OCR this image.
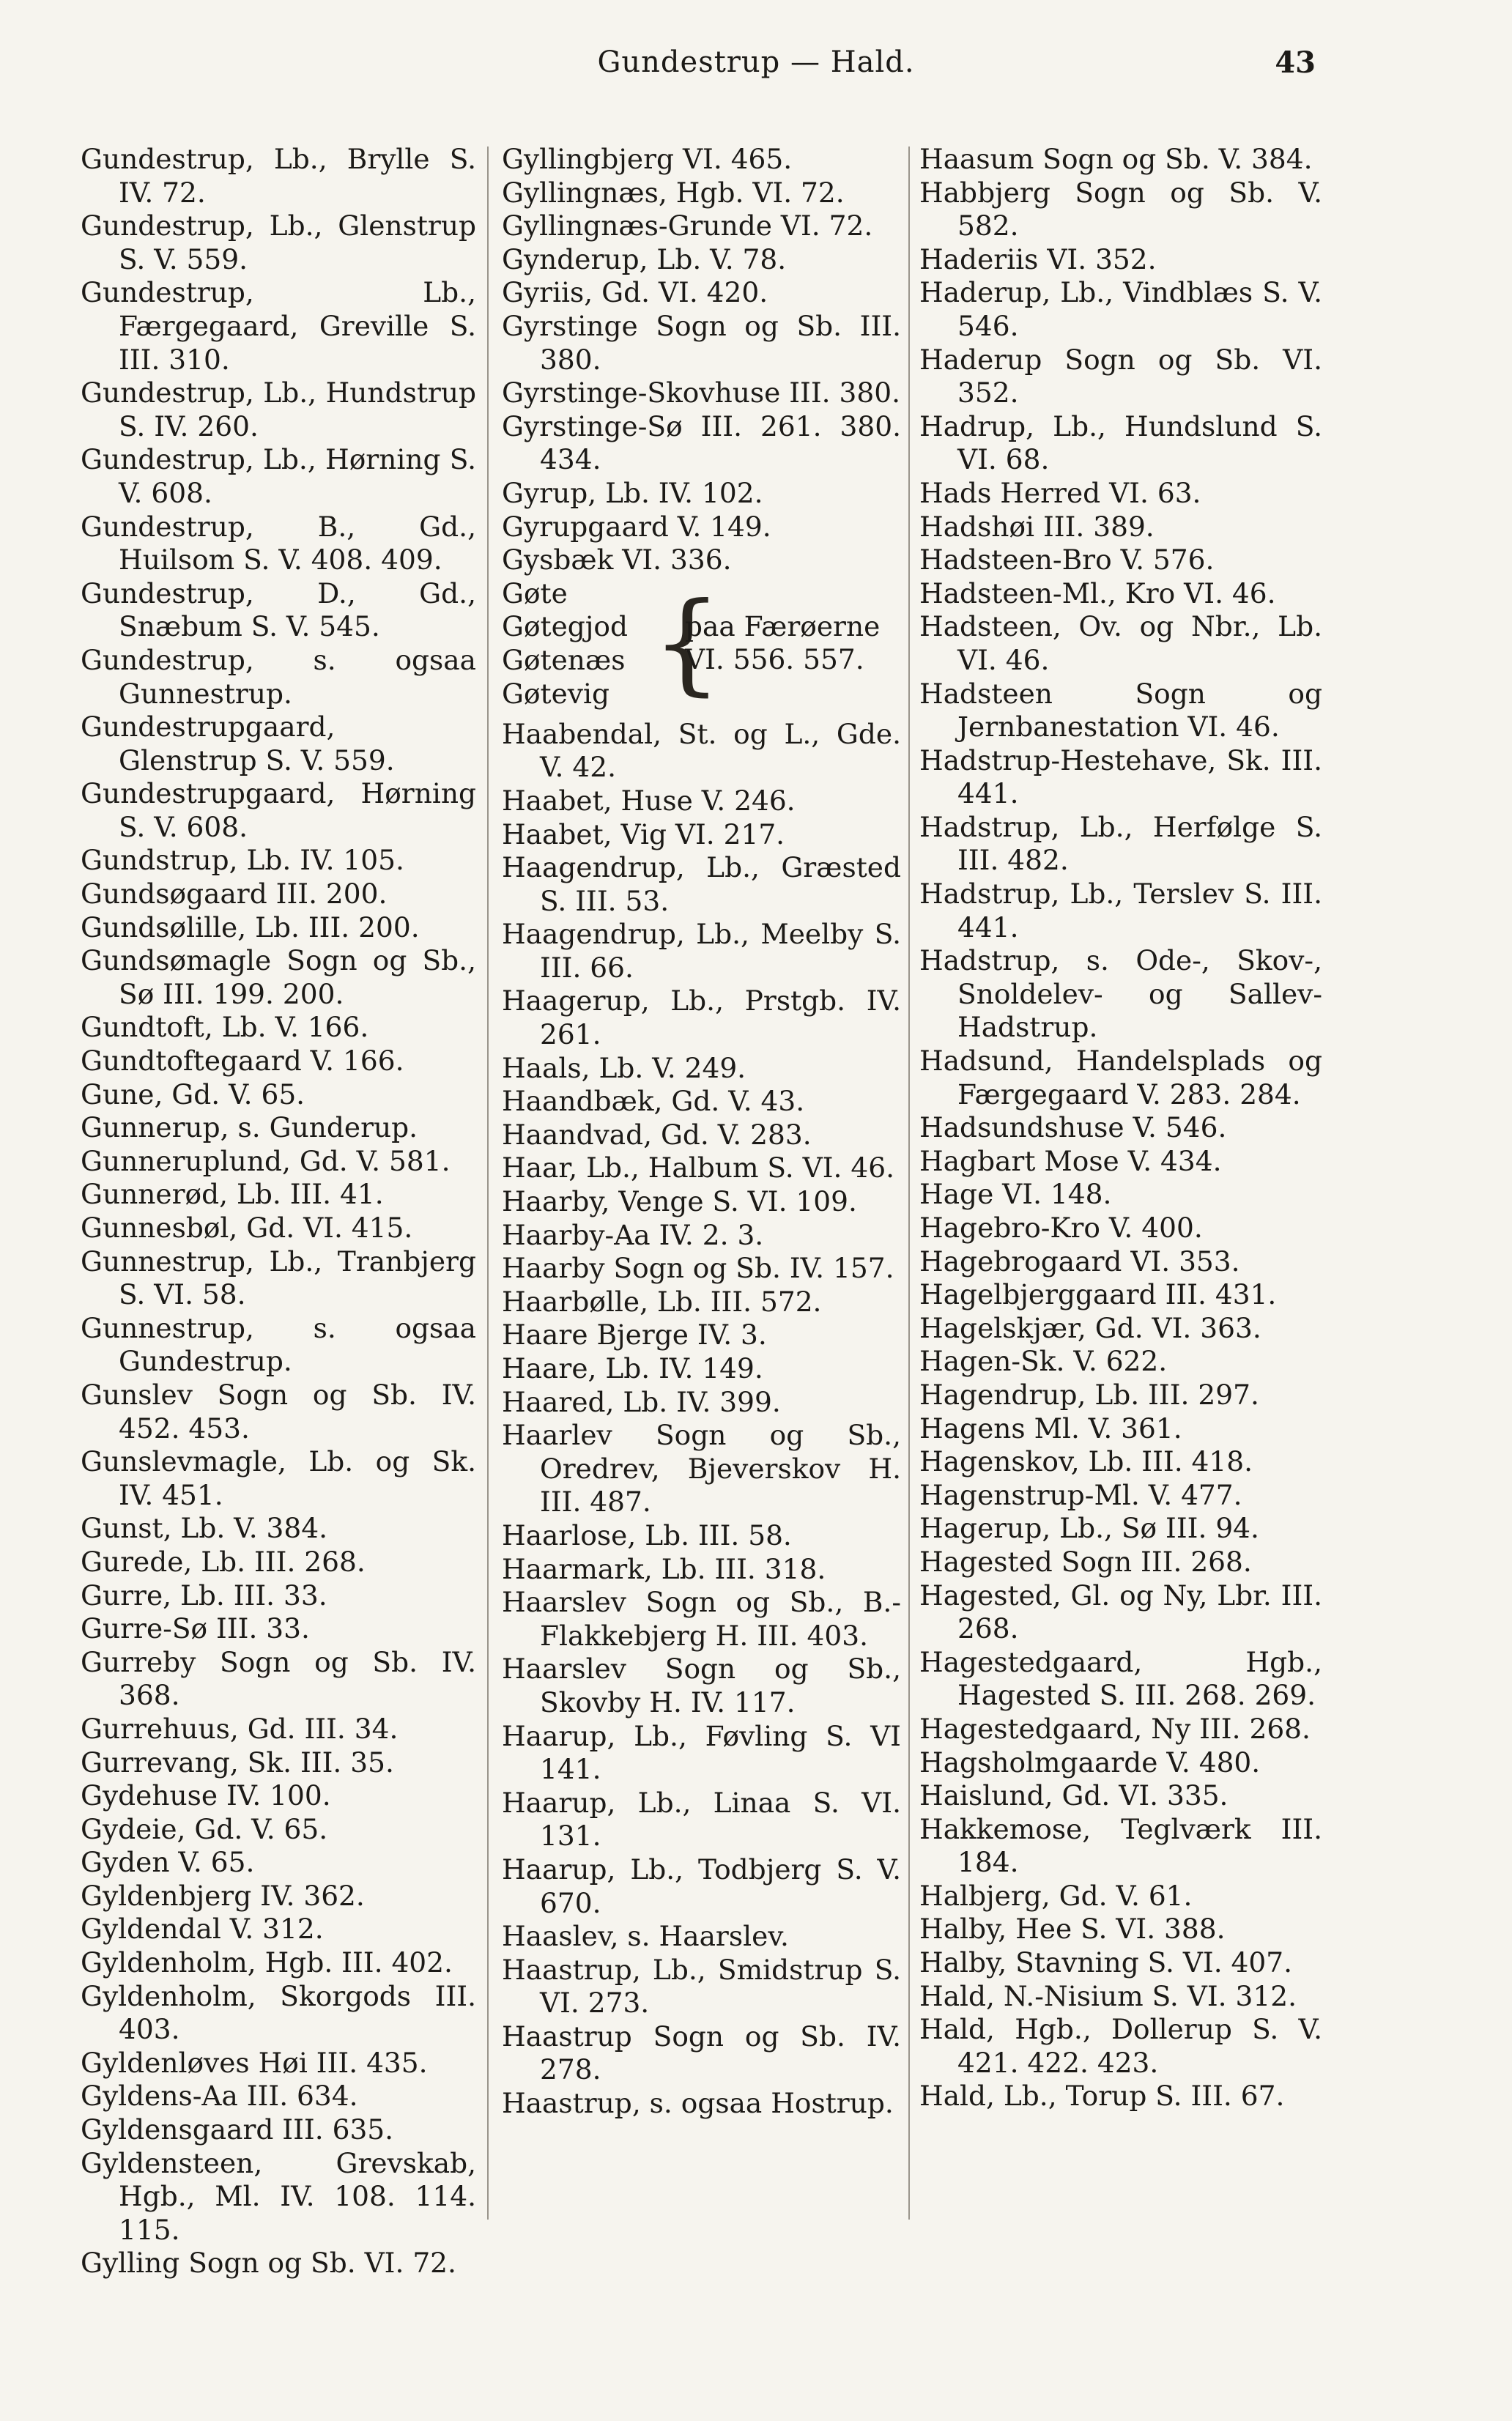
Gundestrup — Hald.	43

Gundestrup, Lb., Brylle S. IV. 72.

Gundestrup, Lb., Glenstrup S. V. 559.

Gundestrup, Lb., Færgegaard, Greville S. III. 310.

Gundestrup, Lb., Hundstrup S. IV. 260.

Gundestrup, Lb., Hørning S. V. 608.

Gundestrup, B., Gd., Huilsom S. V. 408. 409.

Gundestrup, D., Gd., Snæbum S. V. 545.

Gundestrup, s. ogsaa Gunnestrup.

Gundestrupgaard, Glenstrup S. V. 559.

Gundestrupgaard, Hørning S. V. 608.

Gundstrup, Lb. IV. 105.

Gundsøgaard III. 200.

Gundsølille, Lb. III. 200.

Gundsømagle Sogn og Sb., Sø III. 199. 200.

Gundtoft, Lb. V. 166.

Gundtoftegaard V. 166.

Gune, Gd. V. 65.

Gunnerup, s. Gunderup.

Gunneruplund, Gd. V. 581.

Gunnerød, Lb. III. 41.

Gunnesbøl, Gd. VI. 415.

Gunnestrup, Lb., Tranbjerg S. VI. 58.

Gunnestrup, s. ogsaa Gundestrup.

Gunslev Sogn og Sb. IV. 452. 453.

Gunslevmagle, Lb. og Sk. IV. 451.

Gunst, Lb. V. 384.

Gurede, Lb. III. 268.

Gurre, Lb. III. 33.

Gurre-Sø III. 33.

Gurreby Sogn og Sb. IV. 368.

Gurrehuus, Gd. III. 34.

Gurrevang, Sk. III. 35.

Gydehuse IV. 100.

Gydeie, Gd. V. 65.

Gyden V. 65.

Gyldenbjerg IV. 362.

Gyldendal V. 312.

Gyldenholm, Hgb. III. 402.

Gyldenholm, Skorgods III. 403.

Gyldenløves Høi III. 435.

Gyldens-Aa III. 634.

Gyldensgaard III. 635.

Gyldensteen, Grevskab, Hgb., Ml. IV. 108. 114. 115.

Gylling Sogn og Sb. VI. 72.

Gyllingbjerg VI. 465.

Gyllingnæs, Hgb. VI. 72.

Gyllingnæs-Grunde VI. 72.

Gynderup, Lb. V. 78.

Gyriis, Gd. VI. 420.

Gyrstinge Sogn og Sb. III. 380.

Gyrstinge-Skovhuse III. 380.

Gyrstinge-Sø III. 261. 380. 434.

Gyrup, Lb. IV. 102.

Gyrupgaard V. 149.

Gysbæk VI. 336.

Gøte
Gøtegjod
Gøtenæs
Gøtevig {
paa Færøerne VI. 556. 557.

Haabendal, St. og L., Gde. V. 42.

Haabet, Huse V. 246.

Haabet, Vig VI. 217.

Haagendrup, Lb., Græsted S. III. 53.

Haagendrup, Lb., Meelby S. III. 66.

Haagerup, Lb., Prstgb. IV. 261.

Haals, Lb. V. 249.

Haandbæk, Gd. V. 43.

Haandvad, Gd. V. 283.

Haar, Lb., Halbum S. VI. 46.

Haarby, Venge S. VI. 109.

Haarby-Aa IV. 2. 3.

Haarby Sogn og Sb. IV. 157.

Haarbølle, Lb. III. 572.

Haare Bjerge IV. 3.

Haare, Lb. IV. 149.

Haared, Lb. IV. 399.

Haarlev Sogn og Sb., Oredrev, Bjeverskov H. III. 487.

Haarlose, Lb. III. 58.

Haarmark, Lb. III. 318.

Haarslev Sogn og Sb., B.-Flakkebjerg H. III. 403.

Haarslev Sogn og Sb., Skovby H. IV. 117.

Haarup, Lb., Føvling S. VI 141.

Haarup, Lb., Linaa S. VI. 131.

Haarup, Lb., Todbjerg S. V. 670.

Haaslev, s. Haarslev.

Haastrup, Lb., Smidstrup S. VI. 273.

Haastrup Sogn og Sb. IV. 278.

Haastrup, s. ogsaa Hostrup.

Haasum Sogn og Sb. V. 384.

Habbjerg Sogn og Sb. V. 582.

Haderiis VI. 352.

Haderup, Lb., Vindblæs S. V. 546.

Haderup Sogn og Sb. VI. 352.

Hadrup, Lb., Hundslund S. VI. 68.

Hads Herred VI. 63.

Hadshøi III. 389.

Hadsteen-Bro V. 576.

Hadsteen-Ml., Kro VI. 46.

Hadsteen, Ov. og Nbr., Lb. VI. 46.

Hadsteen Sogn og Jernbanestation VI. 46.

Hadstrup-Hestehave, Sk. III. 441.

Hadstrup, Lb., Herfølge S. III. 482.

Hadstrup, Lb., Terslev S. III. 441.

Hadstrup, s. Ode-, Skov-, Snoldelev- og Sallev-Hadstrup.

Hadsund, Handelsplads og Færgegaard V. 283. 284.

Hadsundshuse V. 546.

Hagbart Mose V. 434.

Hage VI. 148.

Hagebro-Kro V. 400.

Hagebrogaard VI. 353.

Hagelbjerggaard III. 431.

Hagelskjær, Gd. VI. 363.

Hagen-Sk. V. 622.

Hagendrup, Lb. III. 297.

Hagens Ml. V. 361.

Hagenskov, Lb. III. 418.

Hagenstrup-Ml. V. 477.

Hagerup, Lb., Sø III. 94.

Hagested Sogn III. 268.

Hagested, Gl. og Ny, Lbr. III. 268.

Hagestedgaard, Hgb., Hagested S. III. 268. 269.

Hagestedgaard, Ny III. 268.

Hagsholmgaarde V. 480.

Haislund, Gd. VI. 335.

Hakkemose, Teglværk III. 184.

Halbjerg, Gd. V. 61.

Halby, Hee S. VI. 388.

Halby, Stavning S. VI. 407.

Hald, N.-Nisium S. VI. 312.

Hald, Hgb., Dollerup S. V. 421. 422. 423.

Hald, Lb., Torup S. III. 67.
